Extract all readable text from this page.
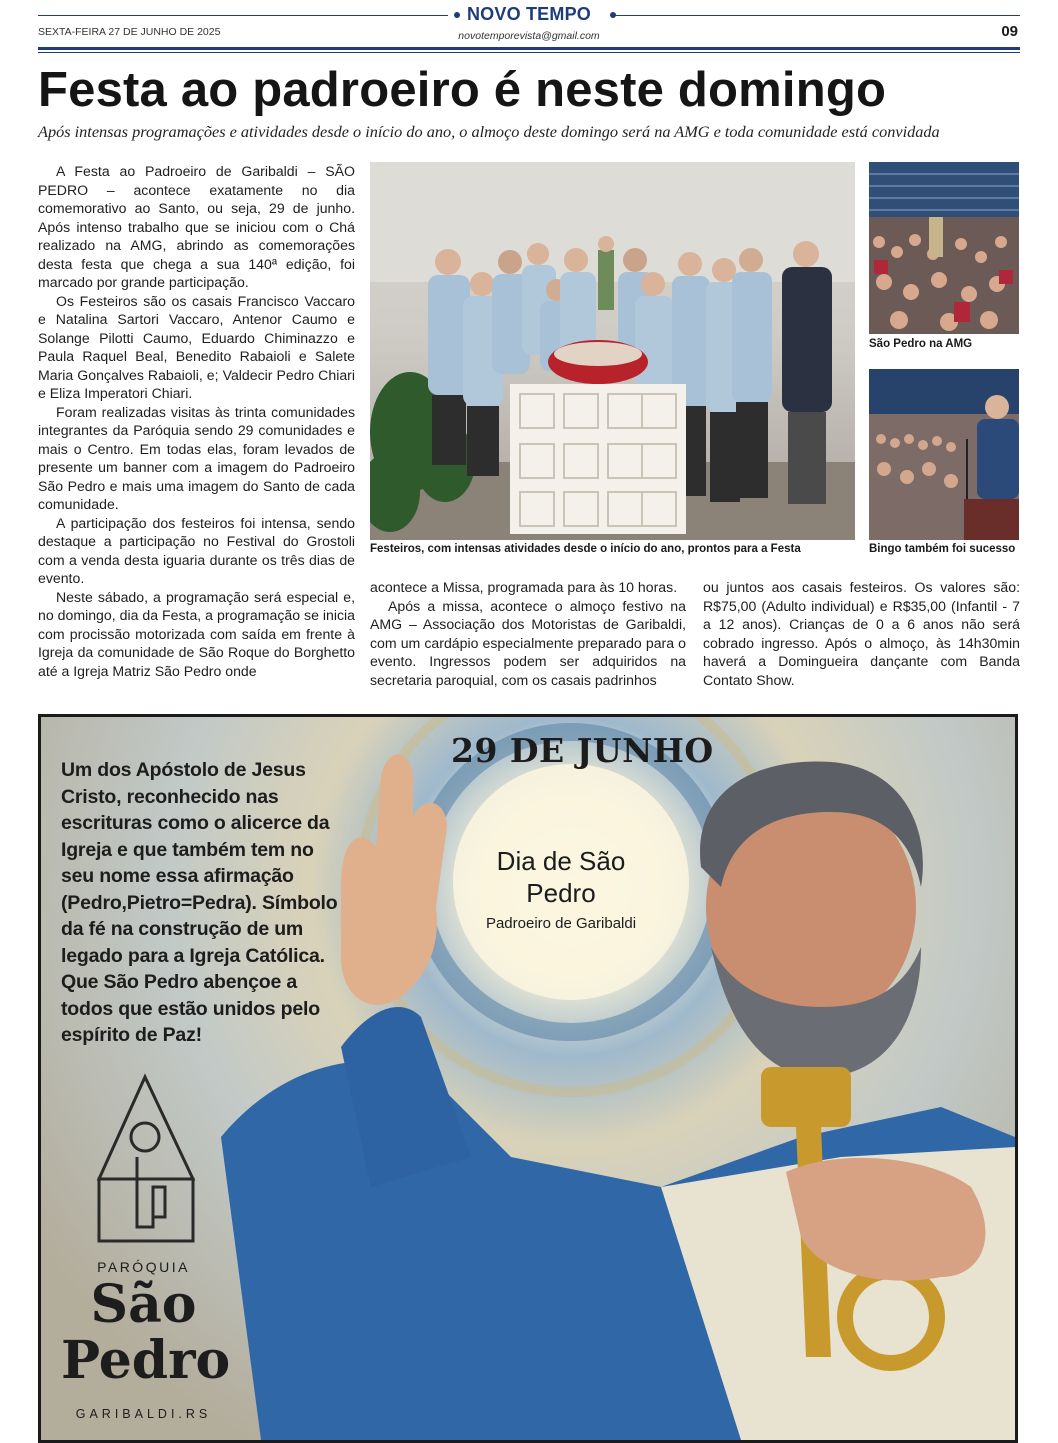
NOVO TEMPO
novotemporevista@gmail.com
SEXTA-FEIRA 27 DE JUNHO DE 2025	09
Festa ao padroeiro é neste domingo
Após intensas programações e atividades desde o início do ano, o almoço deste domingo será na AMG e toda comunidade está convidada

A Festa ao Padroeiro de Garibaldi – SÃO PEDRO – acontece exatamente no dia comemorativo ao Santo, ou seja, 29 de junho. Após intenso trabalho que se iniciou com o Chá realizado na AMG, abrindo as comemorações desta festa que chega a sua 140ª edição, foi marcado por grande participação.

Os Festeiros são os casais Francisco Vaccaro e Natalina Sartori Vaccaro, Antenor Caumo e Solange Pilotti Caumo, Eduardo Chiminazzo e Paula Raquel Beal, Benedito Rabaioli e Salete Maria Gonçalves Rabaioli, e; Valdecir Pedro Chiari e Eliza Imperatori Chiari.

Foram realizadas visitas às trinta comunidades integrantes da Paróquia sendo 29 comunidades e mais o Centro. Em todas elas, foram levados de presente um banner com a imagem do Padroeiro São Pedro e mais uma imagem do Santo de cada comunidade.

A participação dos festeiros foi intensa, sendo destaque a participação no Festival do Grostoli com a venda desta iguaria durante os três dias de evento.

Neste sábado, a programação será especial e, no domingo, dia da Festa, a programação se inicia com procissão motorizada com saída em frente à Igreja da comunidade de São Roque do Borghetto até a Igreja Matriz São Pedro onde

Festeiros, com intensas atividades desde o início do ano, prontos para a Festa
São Pedro na AMG
Bingo também foi sucesso

acontece a Missa, programada para às 10 horas.

Após a missa, acontece o almoço festivo na AMG – Associação dos Motoristas de Garibaldi, com um cardápio especialmente preparado para o evento. Ingressos podem ser adquiridos na secretaria paroquial, com os casais padrinhos

ou juntos aos casais festeiros. Os valores são: R$75,00 (Adulto individual) e R$35,00 (Infantil - 7 a 12 anos). Crianças de 0 a 6 anos não será cobrado ingresso. Após o almoço, às 14h30min haverá a Domingueira dançante com Banda Contato Show.

29 DE JUNHO
Dia de São Pedro
Padroeiro de Garibaldi
Um dos Apóstolo de Jesus Cristo, reconhecido nas escrituras como o alicerce da Igreja e que também tem no seu nome essa afirmação (Pedro,Pietro=Pedra). Símbolo da fé na construção de um legado para a Igreja Católica. Que São Pedro abençoe a todos que estão unidos pelo espírito de Paz!
PARÓQUIA
São
Pedro
GARIBALDI.RS
